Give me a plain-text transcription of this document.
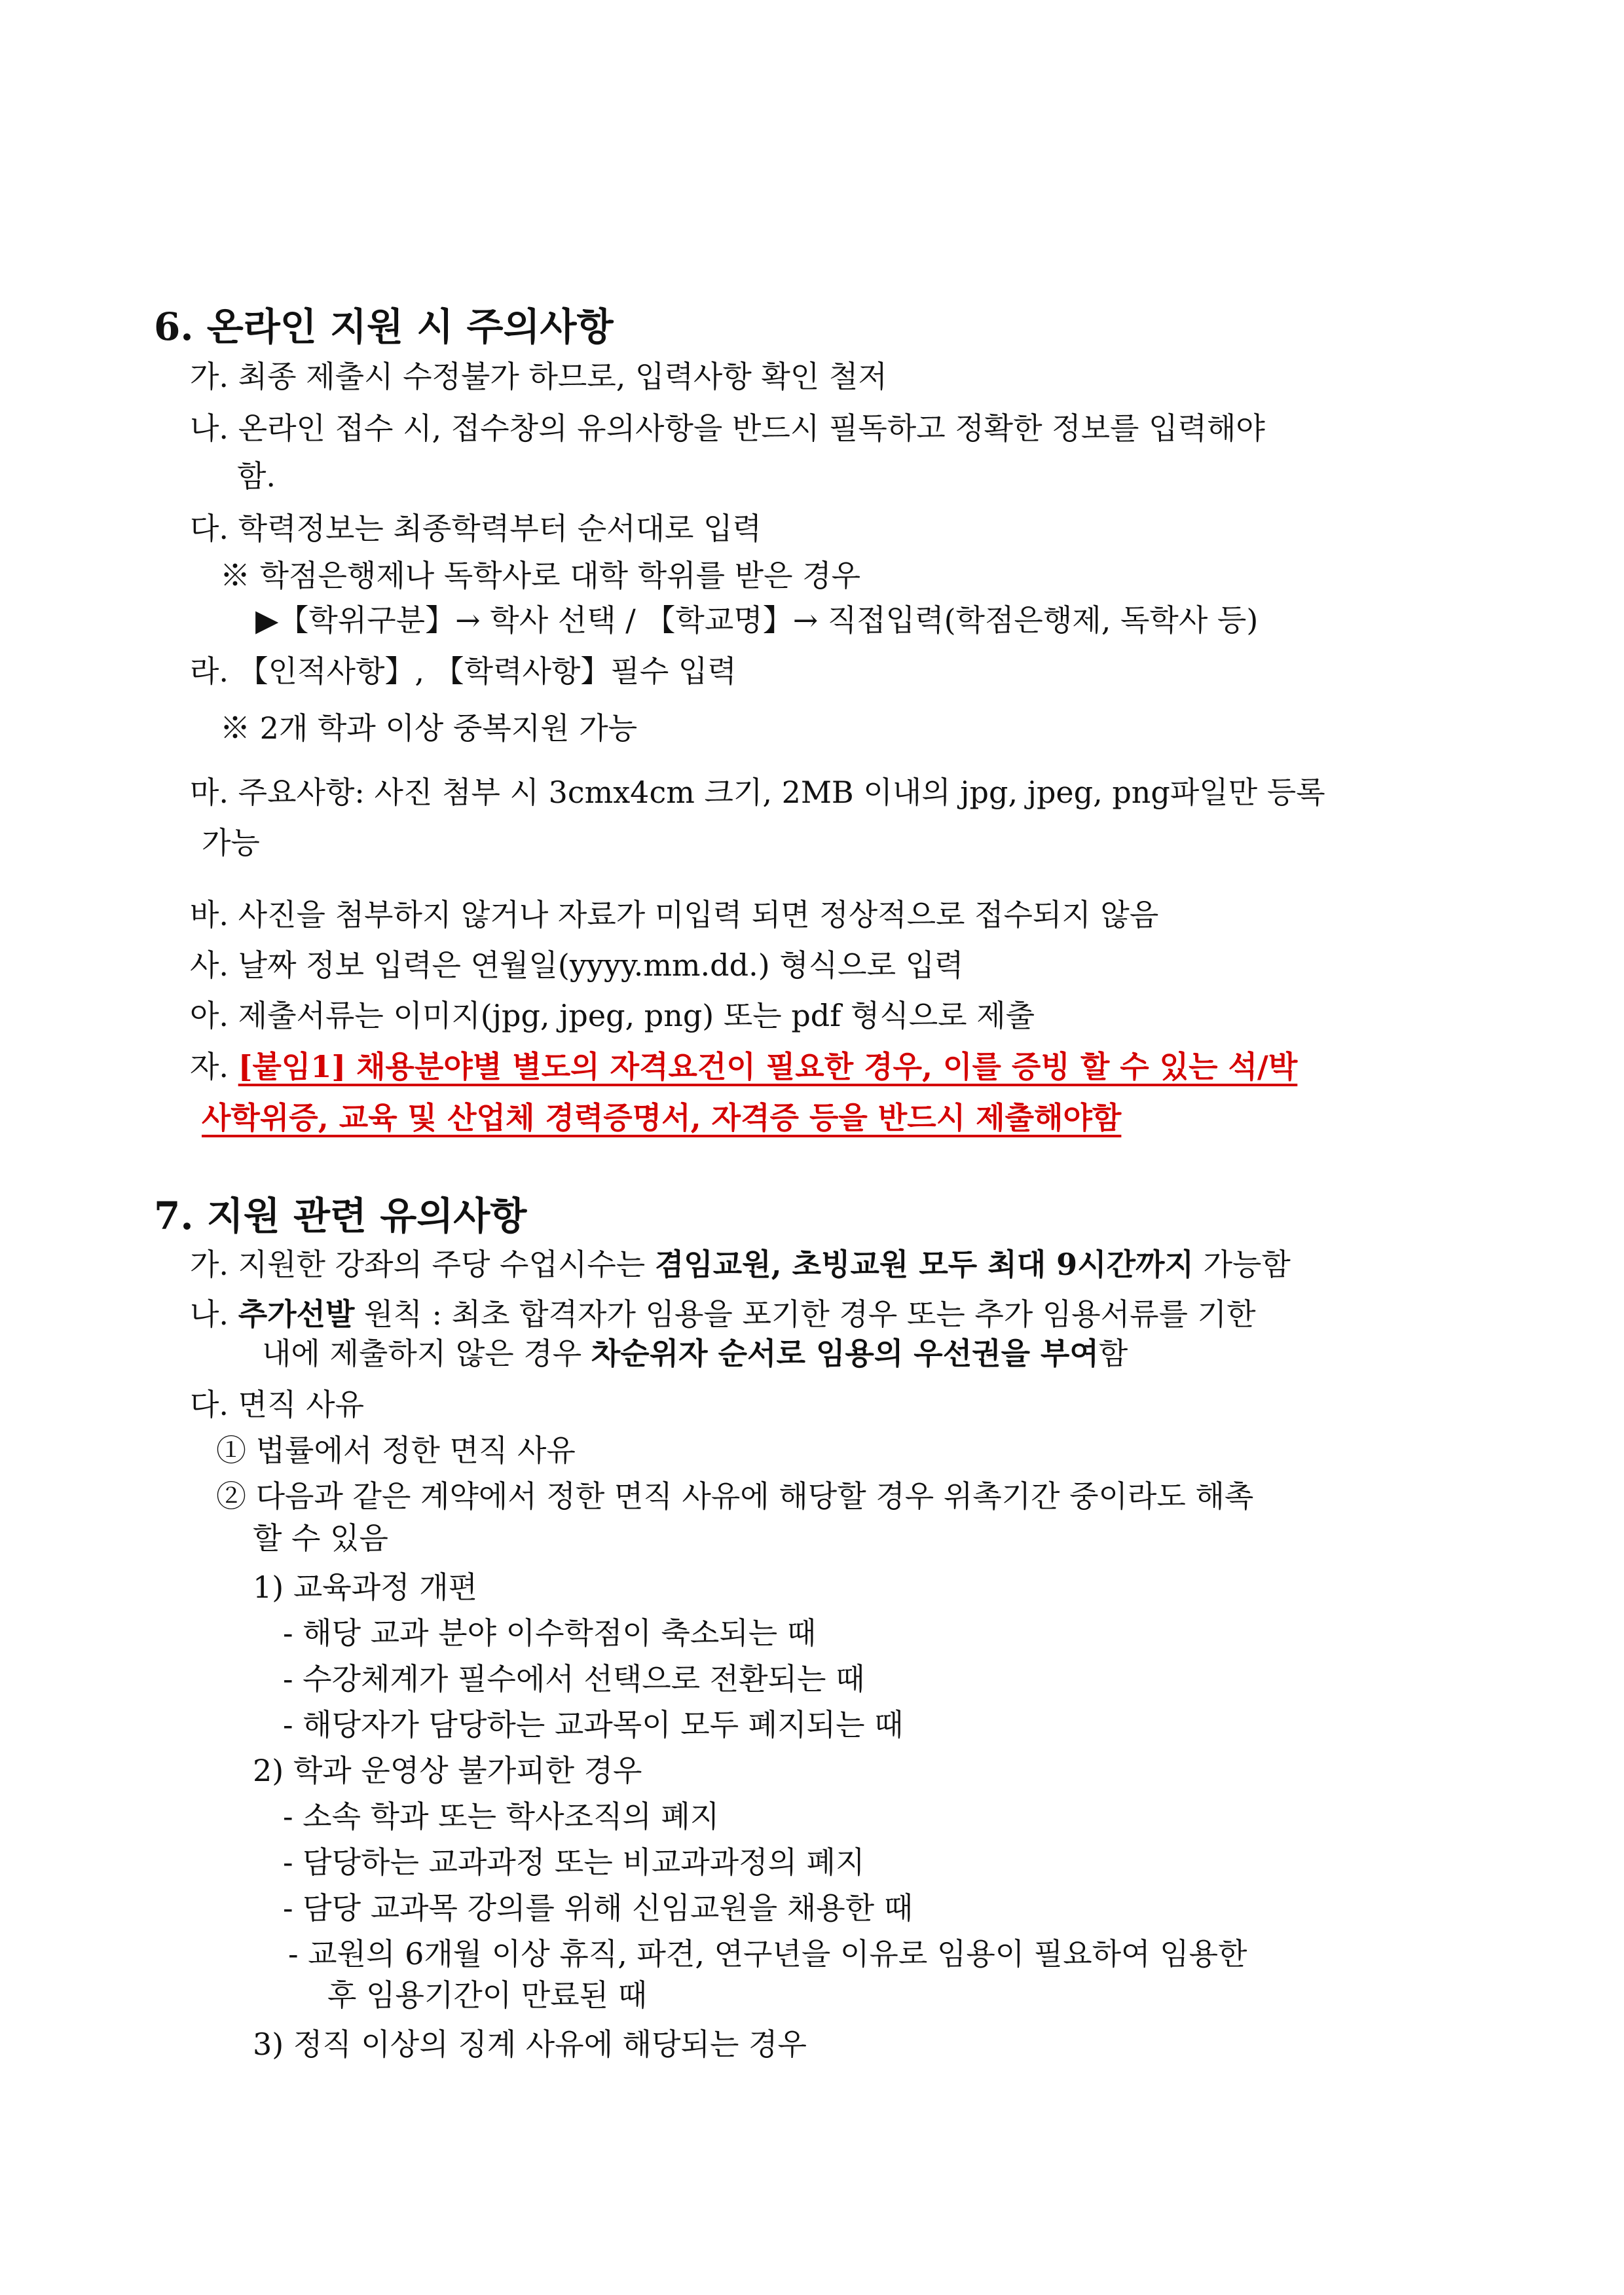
6. 온라인 지원 시 주의사항
가. 최종 제출시 수정불가 하므로, 입력사항 확인 철저
나. 온라인 접수 시, 접수창의 유의사항을 반드시 필독하고 정확한 정보를 입력해야
함.
다. 학력정보는 최종학력부터 순서대로 입력
※ 학점은행제나 독학사로 대학 학위를 받은 경우
▶【학위구분】→ 학사 선택 / 【학교명】→ 직접입력(학점은행제, 독학사 등)
라. 【인적사항】, 【학력사항】필수 입력
※ 2개 학과 이상 중복지원 가능
마. 주요사항: 사진 첨부 시 3cmx4cm 크기, 2MB 이내의 jpg, jpeg, png파일만 등록
가능
바. 사진을 첨부하지 않거나 자료가 미입력 되면 정상적으로 접수되지 않음
사. 날짜 정보 입력은 연월일(yyyy.mm.dd.) 형식으로 입력
아. 제출서류는 이미지(jpg, jpeg, png) 또는 pdf 형식으로 제출
자. [붙임1] 채용분야별 별도의 자격요건이 필요한 경우, 이를 증빙 할 수 있는 석/박
사학위증, 교육 및 산업체 경력증명서, 자격증 등을 반드시 제출해야함
7. 지원 관련 유의사항
가. 지원한 강좌의 주당 수업시수는 겸임교원, 초빙교원 모두 최대 9시간까지 가능함
나. 추가선발 원칙 : 최초 합격자가 임용을 포기한 경우 또는 추가 임용서류를 기한
내에 제출하지 않은 경우 차순위자 순서로 임용의 우선권을 부여함
다. 면직 사유
① 법률에서 정한 면직 사유
② 다음과 같은 계약에서 정한 면직 사유에 해당할 경우 위촉기간 중이라도 해촉
할 수 있음
1) 교육과정 개편
- 해당 교과 분야 이수학점이 축소되는 때
- 수강체계가 필수에서 선택으로 전환되는 때
- 해당자가 담당하는 교과목이 모두 폐지되는 때
2) 학과 운영상 불가피한 경우
- 소속 학과 또는 학사조직의 폐지
- 담당하는 교과과정 또는 비교과과정의 폐지
- 담당 교과목 강의를 위해 신임교원을 채용한 때
- 교원의 6개월 이상 휴직, 파견, 연구년을 이유로 임용이 필요하여 임용한
후 임용기간이 만료된 때
3) 정직 이상의 징계 사유에 해당되는 경우
